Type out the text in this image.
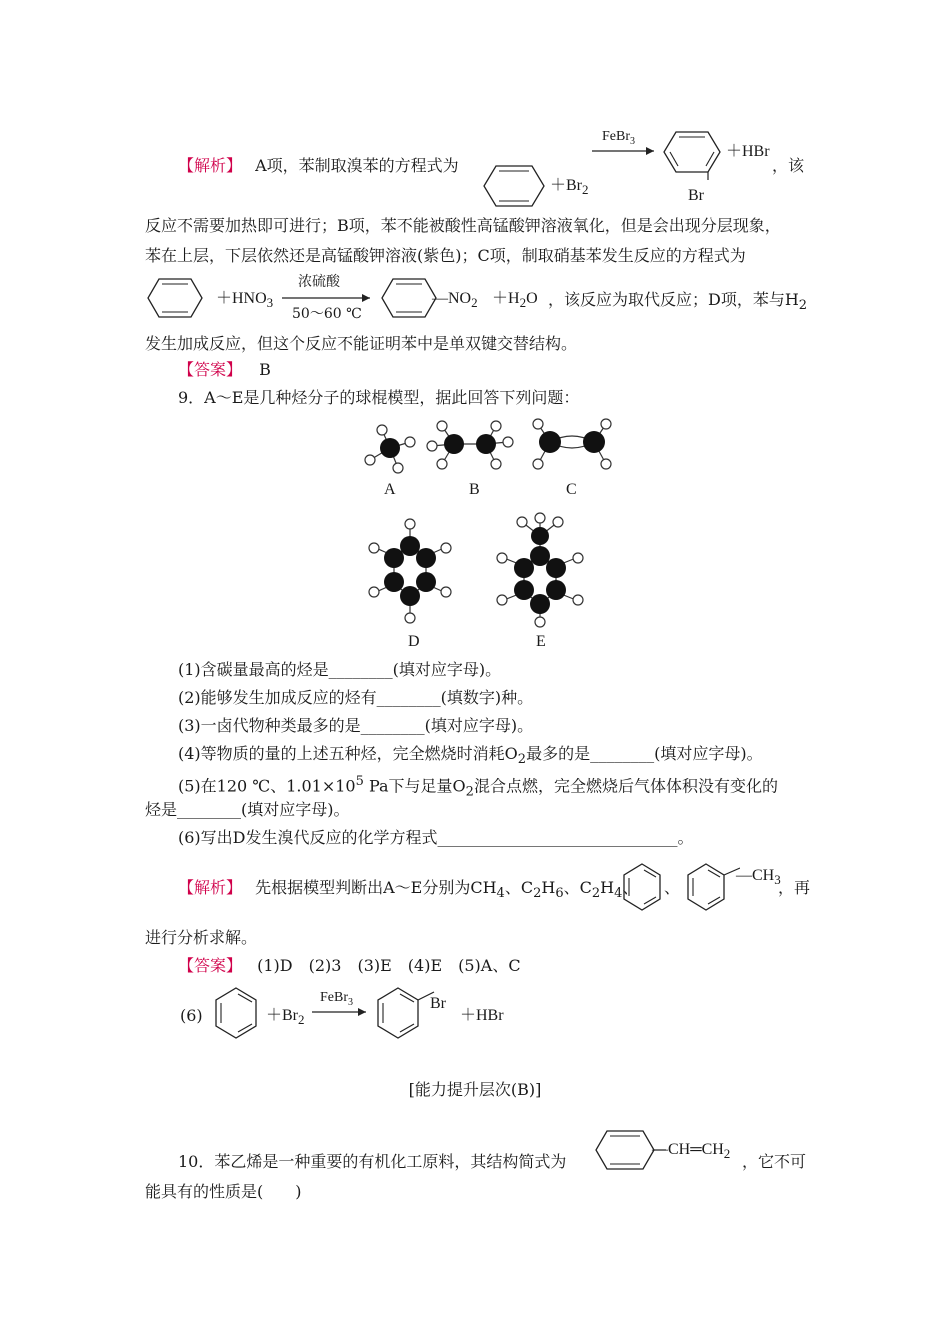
【解析】 A项，苯制取溴苯的方程式为
$+Br_2$
FeBr$_3$
Br
＋HBr
，该
反应不需要加热即可进行；B项，苯不能被酸性高锰酸钾溶液氧化，但是会出现分层现象，
苯在上层，下层依然还是高锰酸钾溶液(紫色)；C项，制取硝基苯发生反应的方程式为
$+HNO_3$
浓硫酸
50～60 ℃
$—NO_2 +H_2O$ ，该反应为取代反应；D项，苯与$H_2$
发生加成反应，但这个反应不能证明苯中是单双键交替结构。
【答案】 B
9．A～E是几种烃分子的球棍模型，据此回答下列问题：
A	B	C
D	E
(1)含碳量最高的烃是________(填对应字母)。
(2)能够发生加成反应的烃有________(填数字)种。
(3)一卤代物种类最多的是________(填对应字母)。
(4)等物质的量的上述五种烃，完全燃烧时消耗$O_2$最多的是________(填对应字母)。
(5)在120 ℃、$1.01\times 10^5$ Pa下与足量$O_2$混合点燃，完全燃烧后气体体积没有变化的
烃是________(填对应字母)。
(6)写出D发生溴代反应的化学方程式______________________________。
【解析】 先根据模型判断出A～E分别为$CH_4$、$C_2H_6$、$C_2H_4$、 、
$—CH_3$
，再
进行分析求解。
【答案】 (1)D　(2)3　(3)E　(4)E　(5)A、C
(6)	$+Br_2$
FeBr$_3$	Br
＋HBr
[能力提升层次(B)]
10．苯乙烯是一种重要的有机化工原料，其结构简式为
$—CH═CH_2$ ，它不可
能具有的性质是(　　)
